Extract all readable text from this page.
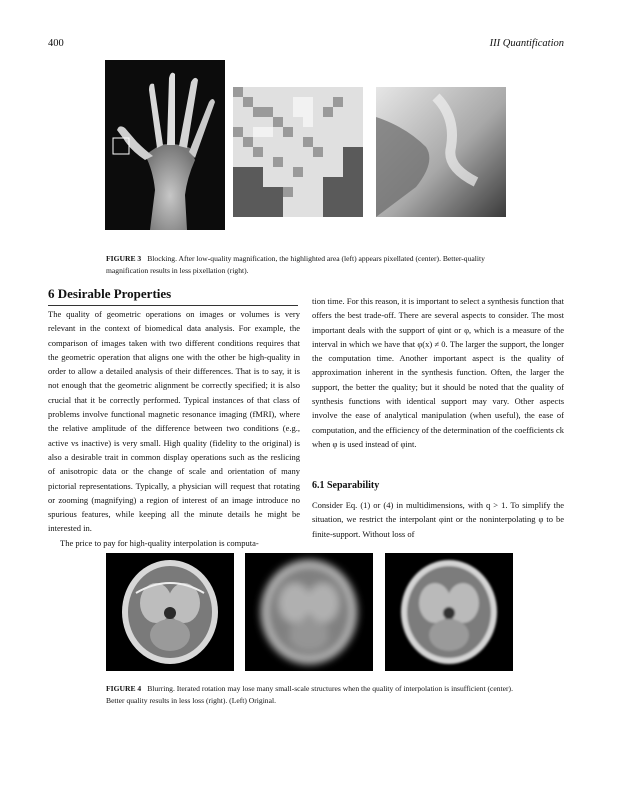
400	III Quantification
FIGURE 3 Blocking. After low-quality magnification, the highlighted area (left) appears pixellated (center). Better-quality magnification results in less pixellation (right).
6 Desirable Properties

The quality of geometric operations on images or volumes is very relevant in the context of biomedical data analysis. For example, the comparison of images taken with two different conditions requires that the geometric operation that aligns one with the other be high-quality in order to allow a detailed analysis of their differences. That is to say, it is not enough that the geometric alignment be correctly specified; it is also crucial that it be correctly performed. Typical instances of that class of problems involve functional magnetic resonance imaging (fMRI), where the relative amplitude of the difference between two conditions (e.g., active vs inactive) is very small. High quality (fidelity to the original) is also a desirable trait in common display operations such as the reslicing of anisotropic data or the change of scale and orientation of many pictorial representations. Typically, a physician will request that rotating or zooming (magnifying) a region of interest of an image introduce no spurious features, while keeping all the minute details he might be interested in.

The price to pay for high-quality interpolation is computa-

tion time. For this reason, it is important to select a synthesis function that offers the best trade-off. There are several aspects to consider. The most important deals with the support of φint or φ, which is a measure of the interval in which we have that φ(x) ≠ 0. The larger the support, the longer the computation time. Another important aspect is the quality of approximation inherent in the synthesis function. Often, the larger the support, the better the quality; but it should be noted that the quality of synthesis functions with identical support may vary. Other aspects involve the ease of analytical manipulation (when useful), the ease of computation, and the efficiency of the determination of the coefficients ck when φ is used instead of φint.

6.1 Separability

Consider Eq. (1) or (4) in multidimensions, with q > 1. To simplify the situation, we restrict the interpolant φint or the noninterpolating φ to be finite-support. Without loss of

FIGURE 4 Blurring. Iterated rotation may lose many small-scale structures when the quality of interpolation is insufficient (center). Better quality results in less loss (right). (Left) Original.
